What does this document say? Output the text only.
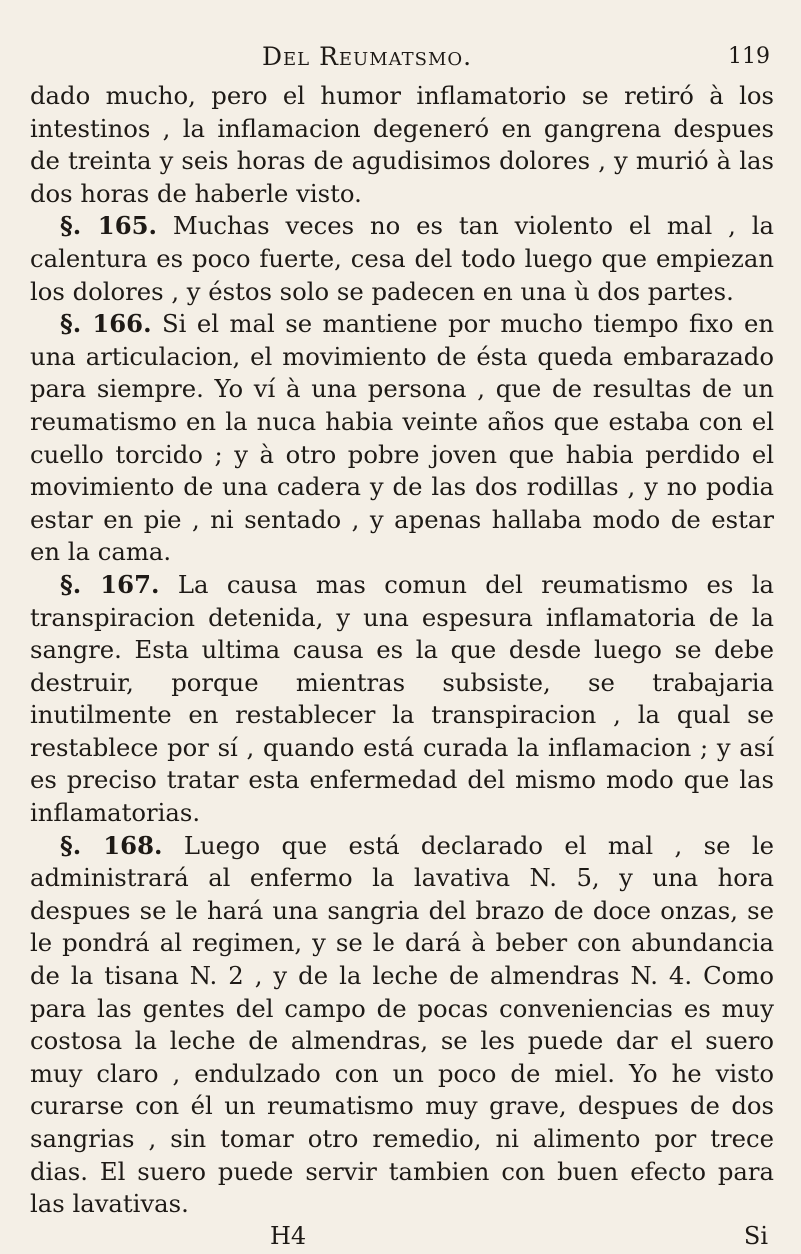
Del Reumatsmo.	119

dado mucho, pero el humor inflamatorio se retiró à los intestinos , la inflamacion degeneró en gangrena despues de treinta y seis horas de agudisimos dolores , y murió à las dos horas de haberle visto.

§. 165. Muchas veces no es tan violento el mal , la calentura es poco fuerte, cesa del todo luego que empiezan los dolores , y éstos solo se padecen en una ù dos partes.

§. 166. Si el mal se mantiene por mucho tiempo fixo en una articulacion, el movimiento de ésta queda embarazado para siempre. Yo ví à una persona , que de resultas de un reumatismo en la nuca habia veinte años que estaba con el cuello torcido ; y à otro pobre joven que habia perdido el movimiento de una cadera y de las dos rodillas , y no podia estar en pie , ni sentado , y apenas hallaba modo de estar en la cama.

§. 167. La causa mas comun del reumatismo es la transpiracion detenida, y una espesura inflamatoria de la sangre. Esta ultima causa es la que desde luego se debe destruir, porque mientras subsiste, se trabajaria inutilmente en restablecer la transpiracion , la qual se restablece por sí , quando está curada la inflamacion ; y así es preciso tratar esta enfermedad del mismo modo que las inflamatorias.

§. 168. Luego que está declarado el mal , se le administrará al enfermo la lavativa N. 5, y una hora despues se le hará una sangria del brazo de doce onzas, se le pondrá al regimen, y se le dará à beber con abundancia de la tisana N. 2 , y de la leche de almendras N. 4. Como para las gentes del campo de pocas conveniencias es muy costosa la leche de almendras, se les puede dar el suero muy claro , endulzado con un poco de miel. Yo he visto curarse con él un reumatismo muy grave, despues de dos sangrias , sin tomar otro remedio, ni alimento por trece dias. El suero puede servir tambien con buen efecto para las lavativas.

H4	Si
